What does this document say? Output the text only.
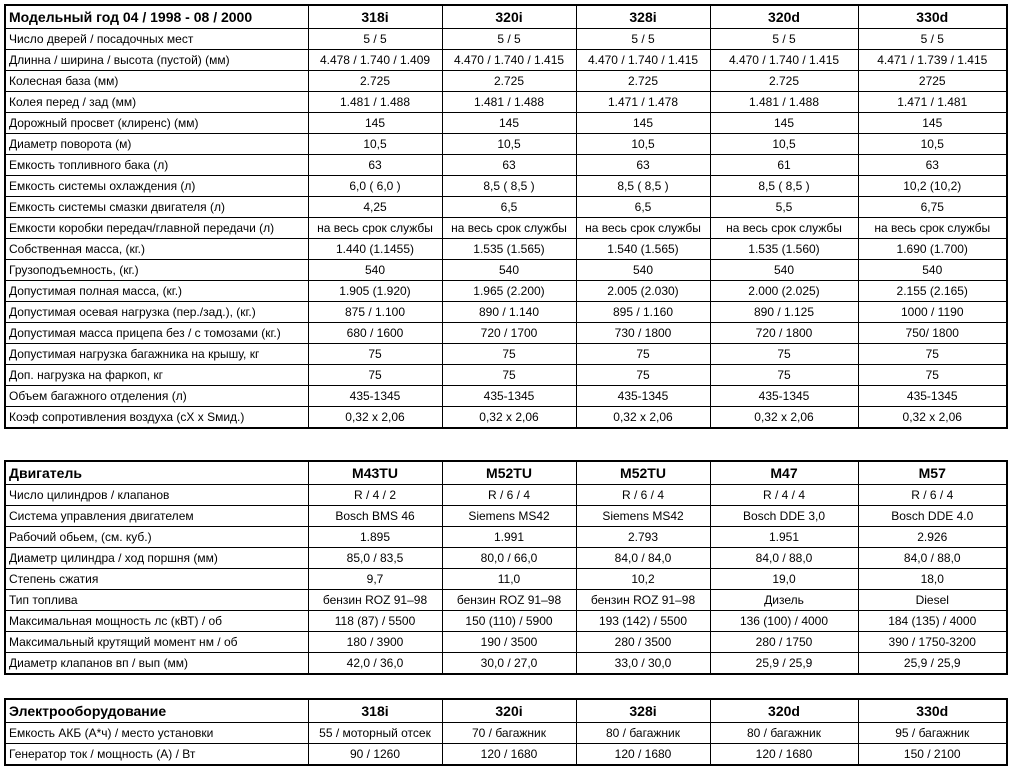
Модельный год 04 / 1998 - 08 / 2000	318i	320i	328i	320d	330d
Число дверей / посадочных мест	5 / 5	5 / 5	5 / 5	5 / 5	5 / 5
Длинна / ширина / высота (пустой) (мм)	4.478 / 1.740 / 1.409	4.470 / 1.740 / 1.415	4.470 / 1.740 / 1.415	4.470 / 1.740 / 1.415	4.471 / 1.739 / 1.415
Колесная база (мм)	2.725	2.725	2.725	2.725	2725
Колея перед / зад (мм)	1.481 / 1.488	1.481 / 1.488	1.471 / 1.478	1.481 / 1.488	1.471 / 1.481
Дорожный просвет (клиренс) (мм)	145	145	145	145	145
Диаметр поворота (м)	10,5	10,5	10,5	10,5	10,5
Емкость топливного бака (л)	63	63	63	61	63
Емкость системы охлаждения (л)	6,0 ( 6,0 )	8,5 ( 8,5 )	8,5 ( 8,5 )	8,5 ( 8,5 )	10,2 (10,2)
Емкость системы смазки двигателя (л)	4,25	6,5	6,5	5,5	6,75
Емкости коробки передач/главной передачи (л)	на весь срок службы	на весь срок службы	на весь срок службы	на весь срок службы	на весь срок службы
Собственная масса, (кг.)	1.440 (1.1455)	1.535 (1.565)	1.540 (1.565)	1.535 (1.560)	1.690 (1.700)
Грузоподъемность, (кг.)	540	540	540	540	540
Допустимая полная масса, (кг.)	1.905 (1.920)	1.965 (2.200)	2.005 (2.030)	2.000 (2.025)	2.155 (2.165)
Допустимая осевая нагрузка (пер./зад.), (кг.)	875 / 1.100	890 / 1.140	895 / 1.160	890 / 1.125	1000 / 1190
Допустимая масса прицепа без / с томозами (кг.)	680 / 1600	720 / 1700	730 / 1800	720 / 1800	750/ 1800
Допустимая нагрузка багажника на крышу, кг	75	75	75	75	75
Доп. нагрузка на фаркоп, кг	75	75	75	75	75
Объем багажного отделения (л)	435-1345	435-1345	435-1345	435-1345	435-1345
Коэф сопротивления воздуха (сХ х Sмид.)	0,32 х 2,06	0,32 х 2,06	0,32 х 2,06	0,32 х 2,06	0,32 х 2,06
Двигатель	M43TU	M52TU	M52TU	M47	M57
Число цилиндров / клапанов	R / 4 / 2	R / 6 / 4	R / 6 / 4	R / 4 / 4	R / 6 / 4
Система управления двигателем	Bosch BMS 46	Siemens MS42	Siemens MS42	Bosch DDE 3,0	Bosch DDE 4.0
Рабочий обьем, (см. куб.)	1.895	1.991	2.793	1.951	2.926
Диаметр цилиндра / ход поршня (мм)	85,0 / 83,5	80,0 / 66,0	84,0 / 84,0	84,0 / 88,0	84,0 / 88,0
Степень сжатия	9,7	11,0	10,2	19,0	18,0
Тип топлива	бензин ROZ 91–98	бензин ROZ 91–98	бензин ROZ 91–98	Дизель	Diesel
Максимальная мощность лс (кВТ) / об	118 (87) / 5500	150 (110) / 5900	193 (142) / 5500	136 (100) / 4000	184 (135) / 4000
Максимальный крутящий момент нм / об	180 / 3900	190 / 3500	280 / 3500	280 / 1750	390 / 1750-3200
Диаметр клапанов вп / вып (мм)	42,0 / 36,0	30,0 / 27,0	33,0 / 30,0	25,9 / 25,9	25,9 / 25,9
Электрооборудование	318i	320i	328i	320d	330d
Емкость АКБ (А*ч) / место установки	55 / моторный отсек	70 / багажник	80 / багажник	80 / багажник	95 / багажник
Генератор ток / мощность (А) / Вт	90 / 1260	120 / 1680	120 / 1680	120 / 1680	150 / 2100
